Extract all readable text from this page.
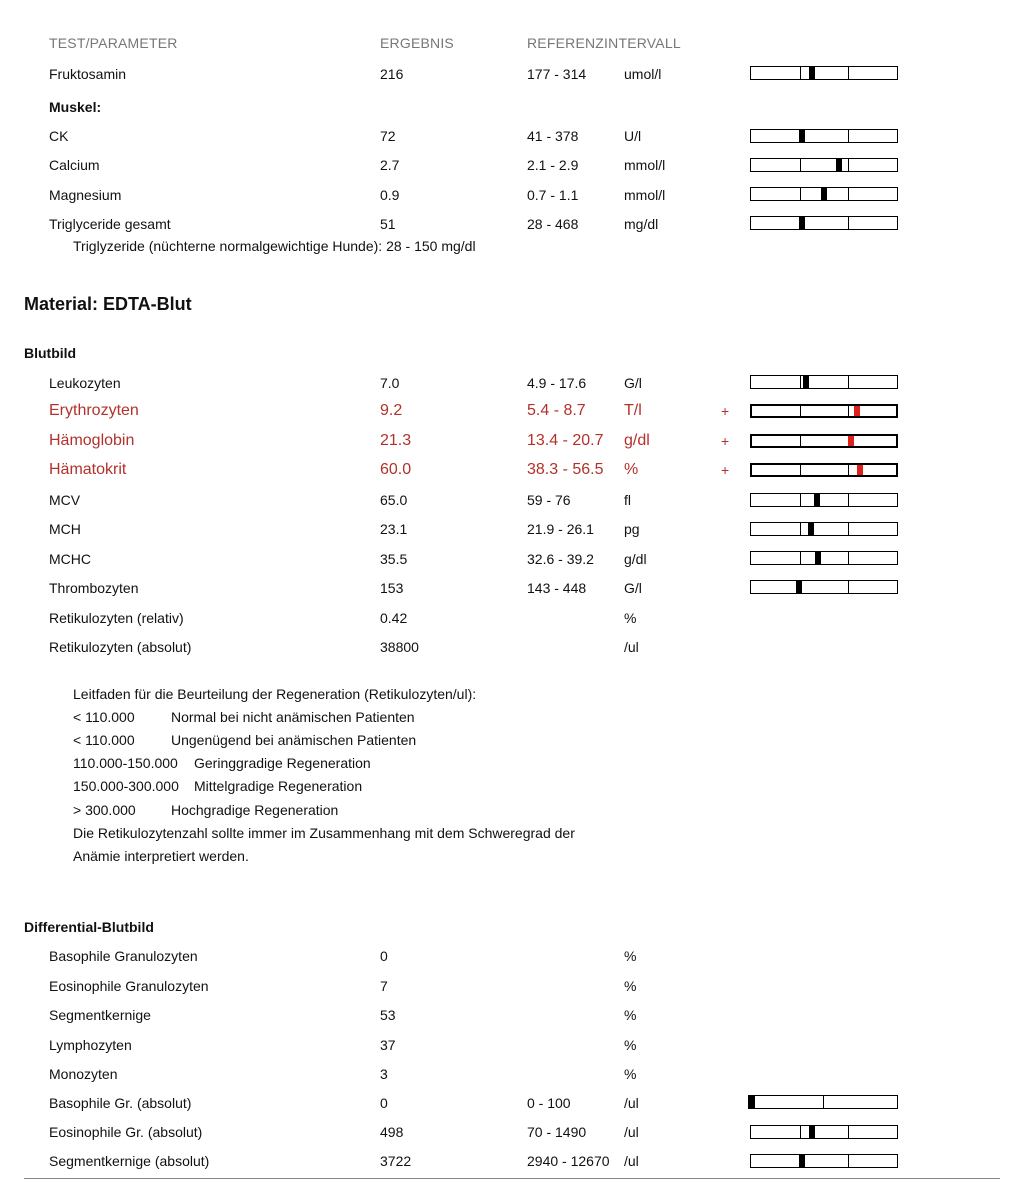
TEST/PARAMETER	ERGEBNIS	REFERENZINTERVALL
Fruktosamin	216	177 - 314	umol/l
Muskel:
CK	72	41 - 378	U/l
Calcium	2.7	2.1 - 2.9	mmol/l
Magnesium	0.9	0.7 - 1.1	mmol/l
Triglyceride gesamt	51	28 - 468	mg/dl
Triglyzeride (nüchterne normalgewichtige Hunde): 28 - 150 mg/dl
Material: EDTA-Blut
Blutbild
Leukozyten	7.0	4.9 - 17.6	G/l
Erythrozyten	9.2	5.4 - 8.7 T/l	+
Hämoglobin	21.3	13.4 - 20.7 g/dl	+
Hämatokrit	60.0	38.3 - 56.5 %	+
MCV	65.0	59 - 76	fl
MCH	23.1	21.9 - 26.1 pg
MCHC	35.5	32.6 - 39.2 g/dl
Thrombozyten	153	143 - 448	G/l
Retikulozyten (relativ)	0.42	%
Retikulozyten (absolut)	38800	/ul
Leitfaden für die Beurteilung der Regeneration (Retikulozyten/ul):
< 110.000	Normal bei nicht anämischen Patienten
< 110.000	Ungenügend bei anämischen Patienten
110.000-150.000 Geringgradige Regeneration
150.000-300.000 Mittelgradige Regeneration
> 300.000	Hochgradige Regeneration
Die Retikulozytenzahl sollte immer im Zusammenhang mit dem Schweregrad der
Anämie interpretiert werden.
Differential-Blutbild
Basophile Granulozyten	0	%
Eosinophile Granulozyten	7	%
Segmentkernige	53	%
Lymphozyten	37	%
Monozyten	3	%
Basophile Gr. (absolut)	0	0 - 100	/ul
Eosinophile Gr. (absolut)	498	70 - 1490	/ul
Segmentkernige (absolut)	3722	2940 - 12670 /ul
